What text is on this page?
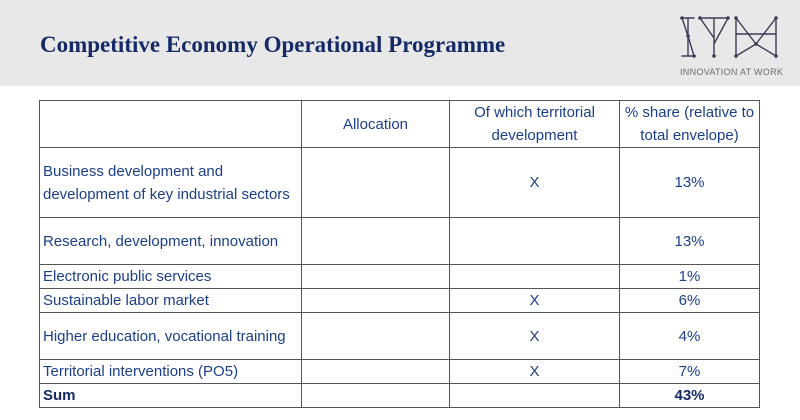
Competitive Economy Operational Programme
INNOVATION AT WORK
	Allocation	Of which territorial development	% share (relative to total envelope)
Business development and development of key industrial sectors		X	13%
Research, development, innovation			13%
Electronic public services			1%
Sustainable labor market		X	6%
Higher education, vocational training		X	4%
Territorial interventions (PO5)		X	7%
Sum			43%
